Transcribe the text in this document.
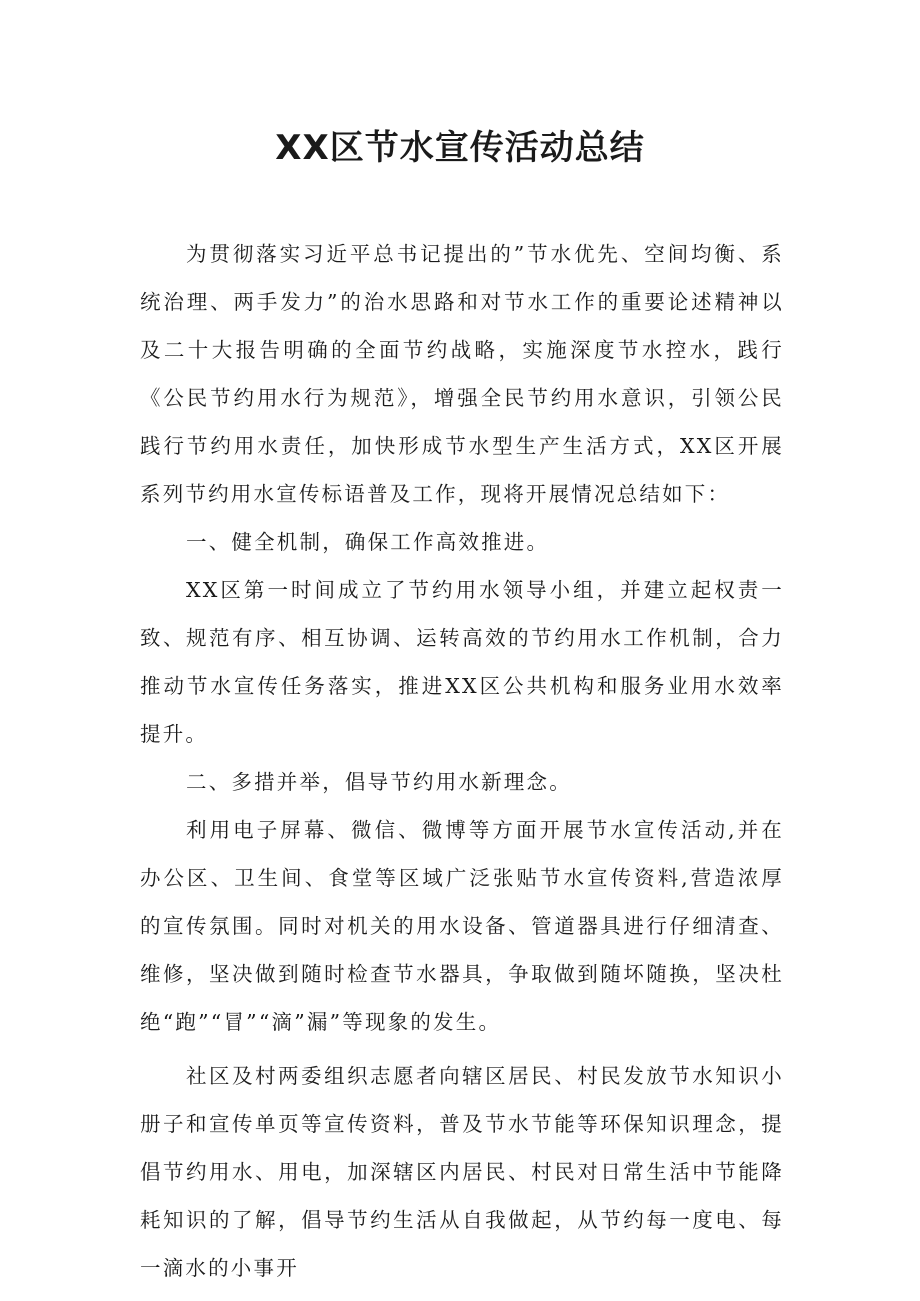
XX区节水宣传活动总结

为贯彻落实习近平总书记提出的”节水优先、空间均衡、系统治理、两手发力”的治水思路和对节水工作的重要论述精神以及二十大报告明确的全面节约战略，实施深度节水控水，践行《公民节约用水行为规范》，增强全民节约用水意识，引领公民践行节约用水责任，加快形成节水型生产生活方式，XX区开展系列节约用水宣传标语普及工作，现将开展情况总结如下：

一、健全机制，确保工作高效推进。

XX区第一时间成立了节约用水领导小组，并建立起权责一致、规范有序、相互协调、运转高效的节约用水工作机制，合力推动节水宣传任务落实，推进XX区公共机构和服务业用水效率提升。

二、多措并举，倡导节约用水新理念。

利用电子屏幕、微信、微博等方面开展节水宣传活动,并在办公区、卫生间、食堂等区域广泛张贴节水宣传资料,营造浓厚的宣传氛围。同时对机关的用水设备、管道器具进行仔细清查、维修，坚决做到随时检查节水器具，争取做到随坏随换，坚决杜绝“跑”“冒”“滴”漏”等现象的发生。

社区及村两委组织志愿者向辖区居民、村民发放节水知识小册子和宣传单页等宣传资料，普及节水节能等环保知识理念，提倡节约用水、用电，加深辖区内居民、村民对日常生活中节能降耗知识的了解，倡导节约生活从自我做起，从节约每一度电、每一滴水的小事开
